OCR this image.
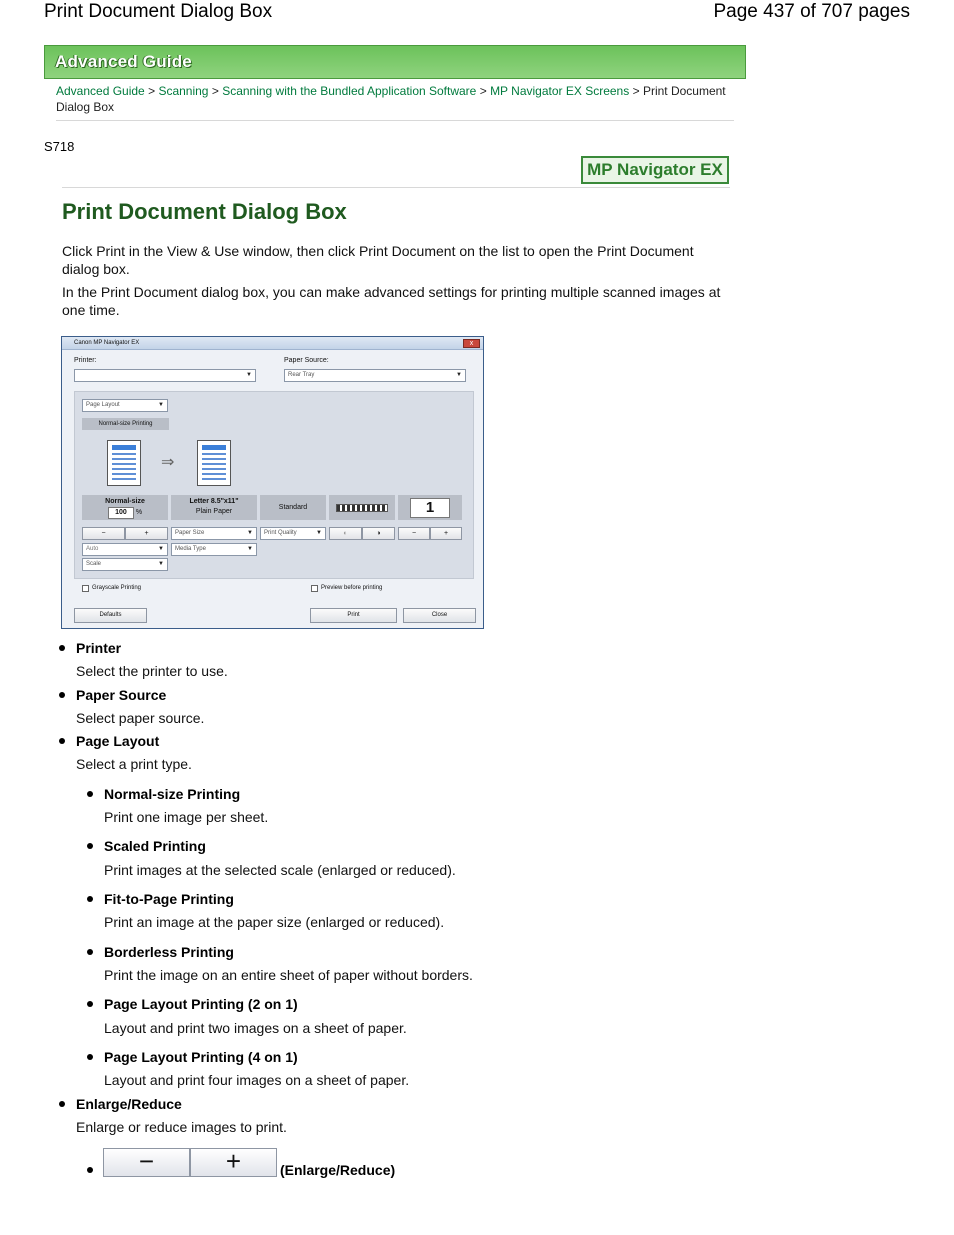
Print Document Dialog Box	Page 437 of 707 pages
Advanced Guide
Advanced Guide > Scanning > Scanning with the Bundled Application Software > MP Navigator EX Screens > Print Document Dialog Box
S718
MP Navigator EX
Print Document Dialog Box
Click Print in the View & Use window, then click Print Document on the list to open the Print Document dialog box.
In the Print Document dialog box, you can make advanced settings for printing multiple scanned images at one time.
Canon MP Navigator EX	x
Printer:
▼	Paper Source:
Rear Tray ▼
Page Layout ▼
Normal-size Printing
⇒
Normal-size
100 %
Letter 8.5"x11"
Plain Paper
Standard	1
−	+	Paper Size ▼	Print Quality ▼	◐	◑	−	+
Auto ▼	Media Type ▼
Scale ▼
Grayscale Printing	Preview before printing
Defaults	Print	Close
Printer
Select the printer to use.
Paper Source
Select paper source.
Page Layout
Select a print type.
Normal-size Printing
Print one image per sheet.
Scaled Printing
Print images at the selected scale (enlarged or reduced).
Fit-to-Page Printing
Print an image at the paper size (enlarged or reduced).
Borderless Printing
Print the image on an entire sheet of paper without borders.
Page Layout Printing (2 on 1)
Layout and print two images on a sheet of paper.
Page Layout Printing (4 on 1)
Layout and print four images on a sheet of paper.
Enlarge/Reduce
Enlarge or reduce images to print.
−	+	(Enlarge/Reduce)
